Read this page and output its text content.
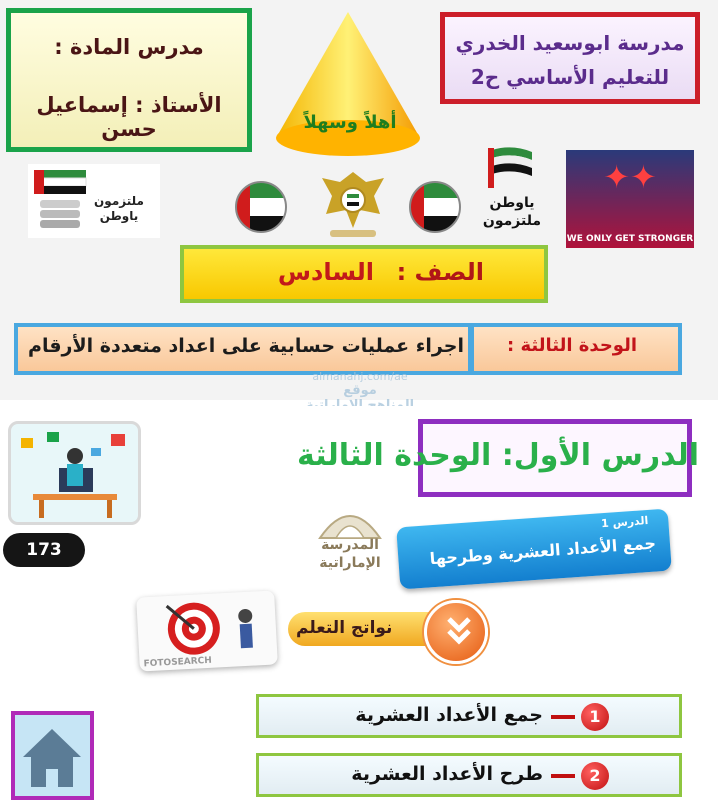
مدرس المادة :
الأستاذ : إسماعيل حسن
مدرسة ابوسعيد الخدري
للتعليم الأساسي ح2
أهلاً وسهلاً
ملتزمون ياوطن
ياوطن ملتزمون
✦✦
WE ONLY GET STRONGER
الصف :
السادس
الوحدة الثالثة :
اجراء عمليات حسابية على اعداد متعددة الأرقام
almanahj.com/ae
موقع
الدرس الأول: الوحدة الثالثة
173	المدرسة الإماراتية
الدرس 1
جمع الأعداد العشرية وطرحها
FOTOSEARCH
نواتج التعلم
1
جمع الأعداد العشرية
2
طرح الأعداد العشرية
